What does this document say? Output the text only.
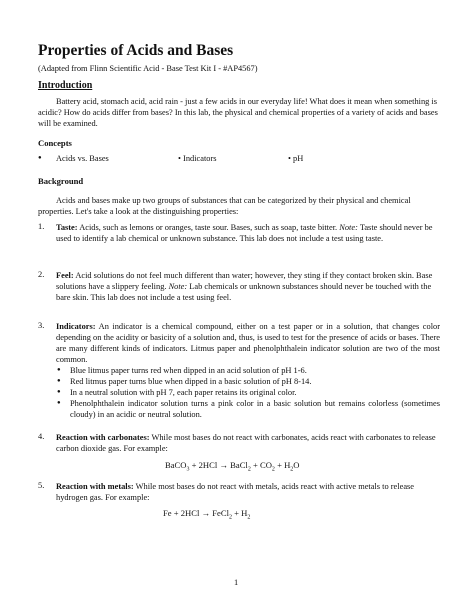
Properties of Acids and Bases
(Adapted from Flinn Scientific Acid - Base Test Kit I - #AP4567)
Introduction
Battery acid, stomach acid, acid rain - just a few acids in our everyday life! What does it mean when something is acidic? How do acids differ from bases? In this lab, the physical and chemical properties of a variety of acids and bases will be examined.
Concepts
● Acids vs. Bases	• Indicators	• pH
Background
Acids and bases make up two groups of substances that can be categorized by their physical and chemical properties. Let's take a look at the distinguishing properties:
1. Taste: Acids, such as lemons or oranges, taste sour. Bases, such as soap, taste bitter. Note: Taste should never be used to identify a lab chemical or unknown substance. This lab does not include a test using taste.
2. Feel: Acid solutions do not feel much different than water; however, they sting if they contact broken skin. Base solutions have a slippery feeling. Note: Lab chemicals or unknown substances should never be touched with the bare skin. This lab does not include a test using feel.
3. Indicators: An indicator is a chemical compound, either on a test paper or in a solution, that changes color depending on the acidity or basicity of a solution and, thus, is used to test for the presence of acids or bases. There are many different kinds of indicators. Litmus paper and phenolphthalein indicator solution are two of the most common.
● Blue litmus paper turns red when dipped in an acid solution of pH 1-6.
● Red litmus paper turns blue when dipped in a basic solution of pH 8-14.
● In a neutral solution with pH 7, each paper retains its original color.
● Phenolphthalein indicator solution turns a pink color in a basic solution but remains colorless (sometimes cloudy) in an acidic or neutral solution.
4. Reaction with carbonates: While most bases do not react with carbonates, acids react with carbonates to release carbon dioxide gas. For example:
BaCO$_3$ + 2HCl → BaCl$_2$ + $CO_2 + H_2O$
5. Reaction with metals: While most bases do not react with metals, acids react with active metals to release hydrogen gas. For example:
Fe + 2HCl → FeCl$_2$ + $H_2$
1
